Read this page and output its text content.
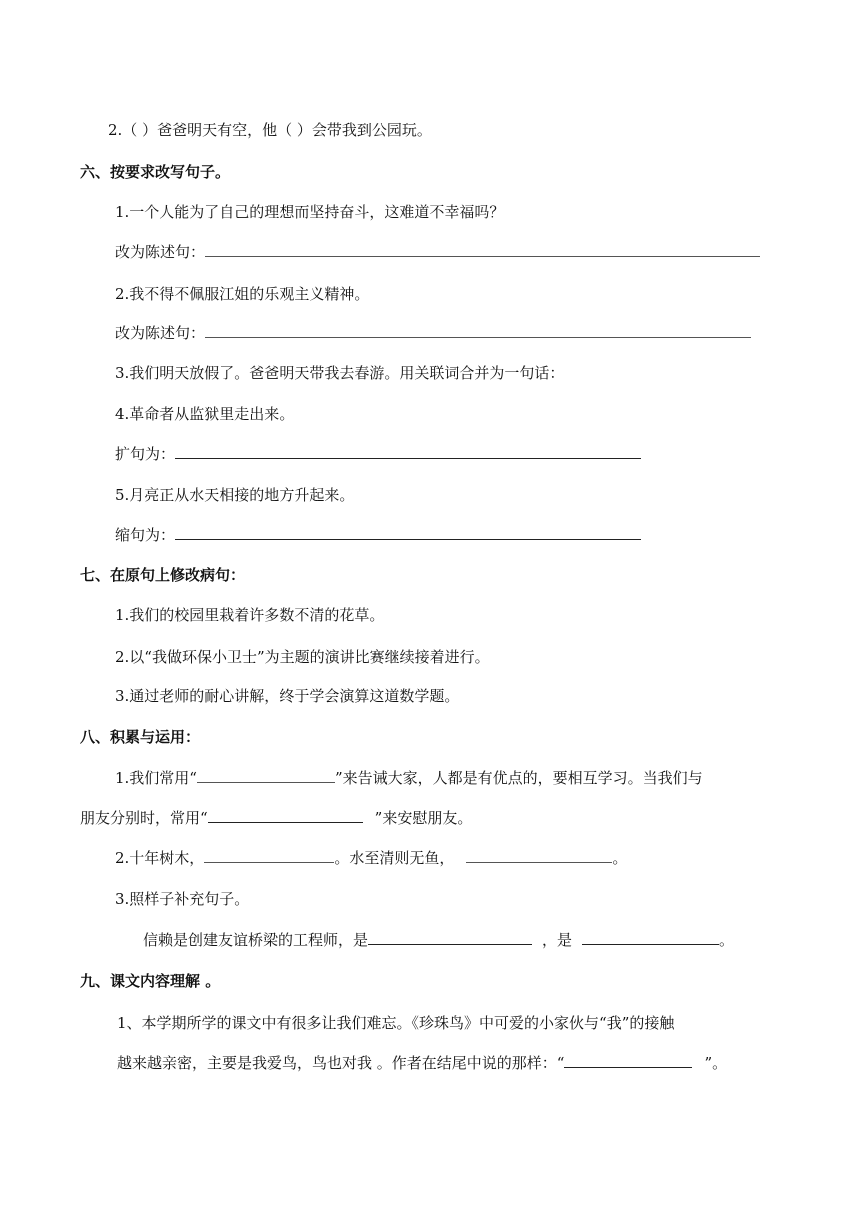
2.（ ）爸爸明天有空，他（ ）会带我到公园玩。
六、按要求改写句子。
1.一个人能为了自己的理想而坚持奋斗，这难道不幸福吗？
改为陈述句：
2.我不得不佩服江姐的乐观主义精神。
改为陈述句：
3.我们明天放假了。爸爸明天带我去春游。用关联词合并为一句话：
4.革命者从监狱里走出来。
扩句为：
5.月亮正从水天相接的地方升起来。
缩句为：
七、在原句上修改病句：
1.我们的校园里栽着许多数不清的花草。
2.以“我做环保小卫士”为主题的演讲比赛继续接着进行。
3.通过老师的耐心讲解，终于学会演算这道数学题。
八、积累与运用：
1.我们常用“	”来告诫大家，人都是有优点的，要相互学习。当我们与
朋友分别时，常用“	”来安慰朋友。
2.十年树木，	。水至清则无鱼，	。
3.照样子补充句子。
信赖是创建友谊桥梁的工程师，是	，是	。
九、课文内容理解 。
1、本学期所学的课文中有很多让我们难忘。《珍珠鸟》中可爱的小家伙与“我”的接触
越来越亲密，主要是我爱鸟，鸟也对我 。作者在结尾中说的那样：“	”。
